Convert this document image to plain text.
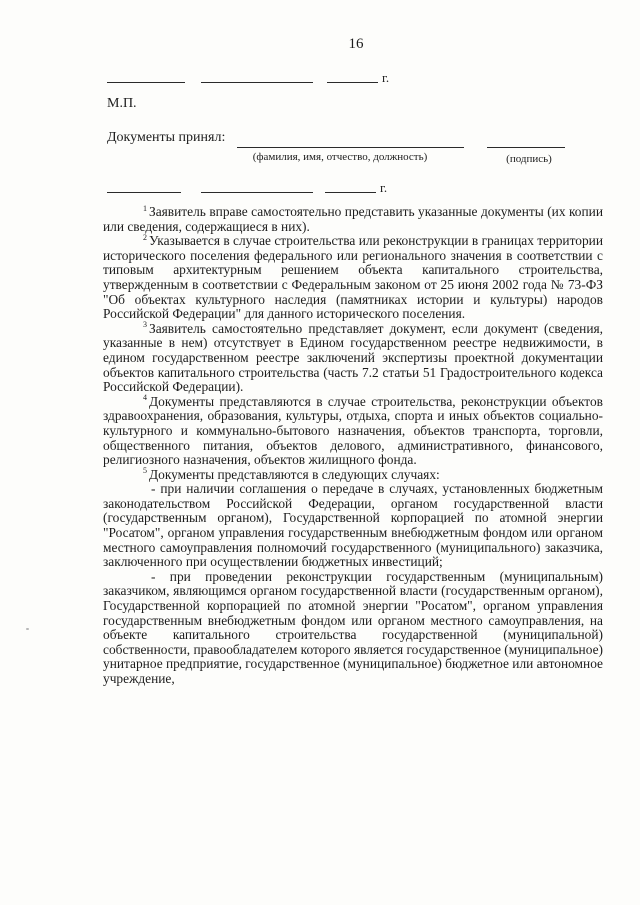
16
г.
М.П.
Документы принял:
(фамилия, имя, отчество, должность)	(подпись)
г.

$^1$ Заявитель вправе самостоятельно представить указанные документы (их копии или сведения, содержащиеся в них).

$^2$ Указывается в случае строительства или реконструкции в границах территории исторического поселения федерального или регионального значения в соответствии с типовым архитектурным решением объекта капитального строительства, утвержденным в соответствии с Федеральным законом от 25 июня 2002 года № 73-ФЗ "Об объектах культурного наследия (памятниках истории и культуры) народов Российской Федерации" для данного исторического поселения.

$^3$ Заявитель самостоятельно представляет документ, если документ (сведения, указанные в нем) отсутствует в Едином государственном реестре недвижимости, в едином государственном реестре заключений экспертизы проектной документации объектов капитального строительства (часть 7.2 статьи 51 Градостроительного кодекса Российской Федерации).

$^4$ Документы представляются в случае строительства, реконструкции объектов здравоохранения, образования, культуры, отдыха, спорта и иных объектов социально-культурного и коммунально-бытового назначения, объектов транспорта, торговли, общественного питания, объектов делового, административного, финансового, религиозного назначения, объектов жилищного фонда.

$^5$ Документы представляются в следующих случаях:

- при наличии соглашения о передаче в случаях, установленных бюджетным законодательством Российской Федерации, органом государственной власти (государственным органом), Государственной корпорацией по атомной энергии "Росатом", органом управления государственным внебюджетным фондом или органом местного самоуправления полномочий государственного (муниципального) заказчика, заключенного при осуществлении бюджетных инвестиций;

- при проведении реконструкции государственным (муниципальным) заказчиком, являющимся органом государственной власти (государственным органом), Государственной корпорацией по атомной энергии "Росатом", органом управления государственным внебюджетным фондом или органом местного самоуправления, на объекте капитального строительства государственной (муниципальной) собственности, правообладателем которого является государственное (муниципальное) унитарное предприятие, государственное (муниципальное) бюджетное или автономное учреждение,
